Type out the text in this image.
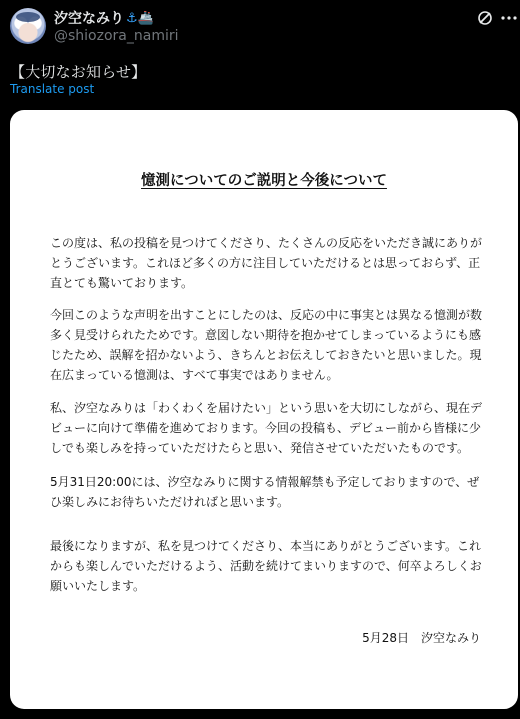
汐空なみり ⚓🚢
@shiozora_namiri
【大切なお知らせ】
Translate post
憶測についてのご説明と今後について

この度は、私の投稿を見つけてくださり、たくさんの反応をいただき誠にありがとうございます。これほど多くの方に注目していただけるとは思っておらず、正直とても驚いております。

今回このような声明を出すことにしたのは、反応の中に事実とは異なる憶測が数多く見受けられたためです。意図しない期待を抱かせてしまっているようにも感じたため、誤解を招かないよう、きちんとお伝えしておきたいと思いました。現在広まっている憶測は、すべて事実ではありません。

私、汐空なみりは「わくわくを届けたい」という思いを大切にしながら、現在デビューに向けて準備を進めております。今回の投稿も、デビュー前から皆様に少しでも楽しみを持っていただけたらと思い、発信させていただいたものです。

5月31日20:00には、汐空なみりに関する情報解禁も予定しておりますので、ぜひ楽しみにお待ちいただければと思います。

最後になりますが、私を見つけてくださり、本当にありがとうございます。これからも楽しんでいただけるよう、活動を続けてまいりますので、何卒よろしくお願いいたします。

5月28日　汐空なみり
